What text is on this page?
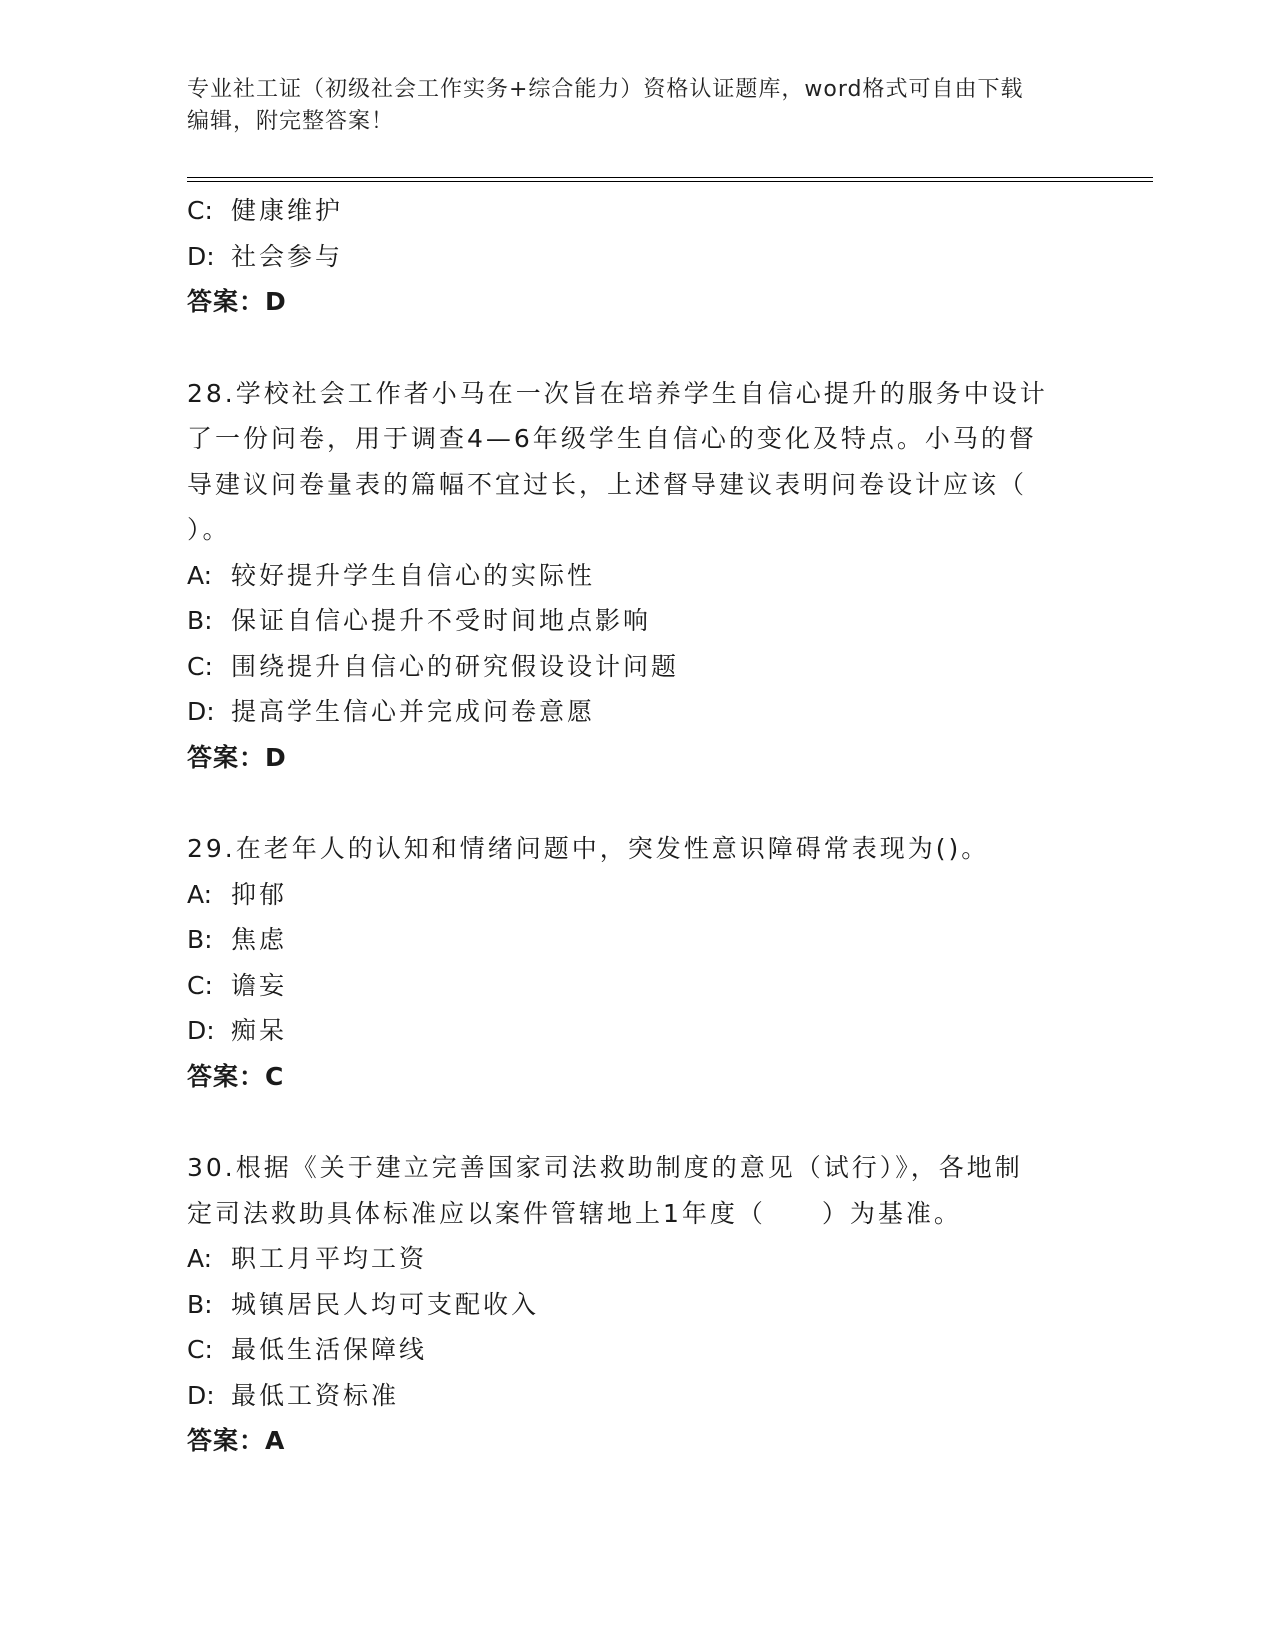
专业社工证（初级社会工作实务+综合能力）资格认证题库，word格式可自由下载
编辑，附完整答案！
C: 健康维护
D: 社会参与
答案：D
28.学校社会工作者小马在一次旨在培养学生自信心提升的服务中设计
了一份问卷，用于调查4—6年级学生自信心的变化及特点。小马的督
导建议问卷量表的篇幅不宜过长，上述督导建议表明问卷设计应该（
）。
A: 较好提升学生自信心的实际性
B: 保证自信心提升不受时间地点影响
C: 围绕提升自信心的研究假设设计问题
D: 提高学生信心并完成问卷意愿
答案：D
29.在老年人的认知和情绪问题中，突发性意识障碍常表现为()。
A: 抑郁
B: 焦虑
C: 谵妄
D: 痴呆
答案：C
30.根据《关于建立完善国家司法救助制度的意见（试行）》，各地制
定司法救助具体标准应以案件管辖地上1年度（　　）为基准。
A: 职工月平均工资
B: 城镇居民人均可支配收入
C: 最低生活保障线
D: 最低工资标准
答案：A
